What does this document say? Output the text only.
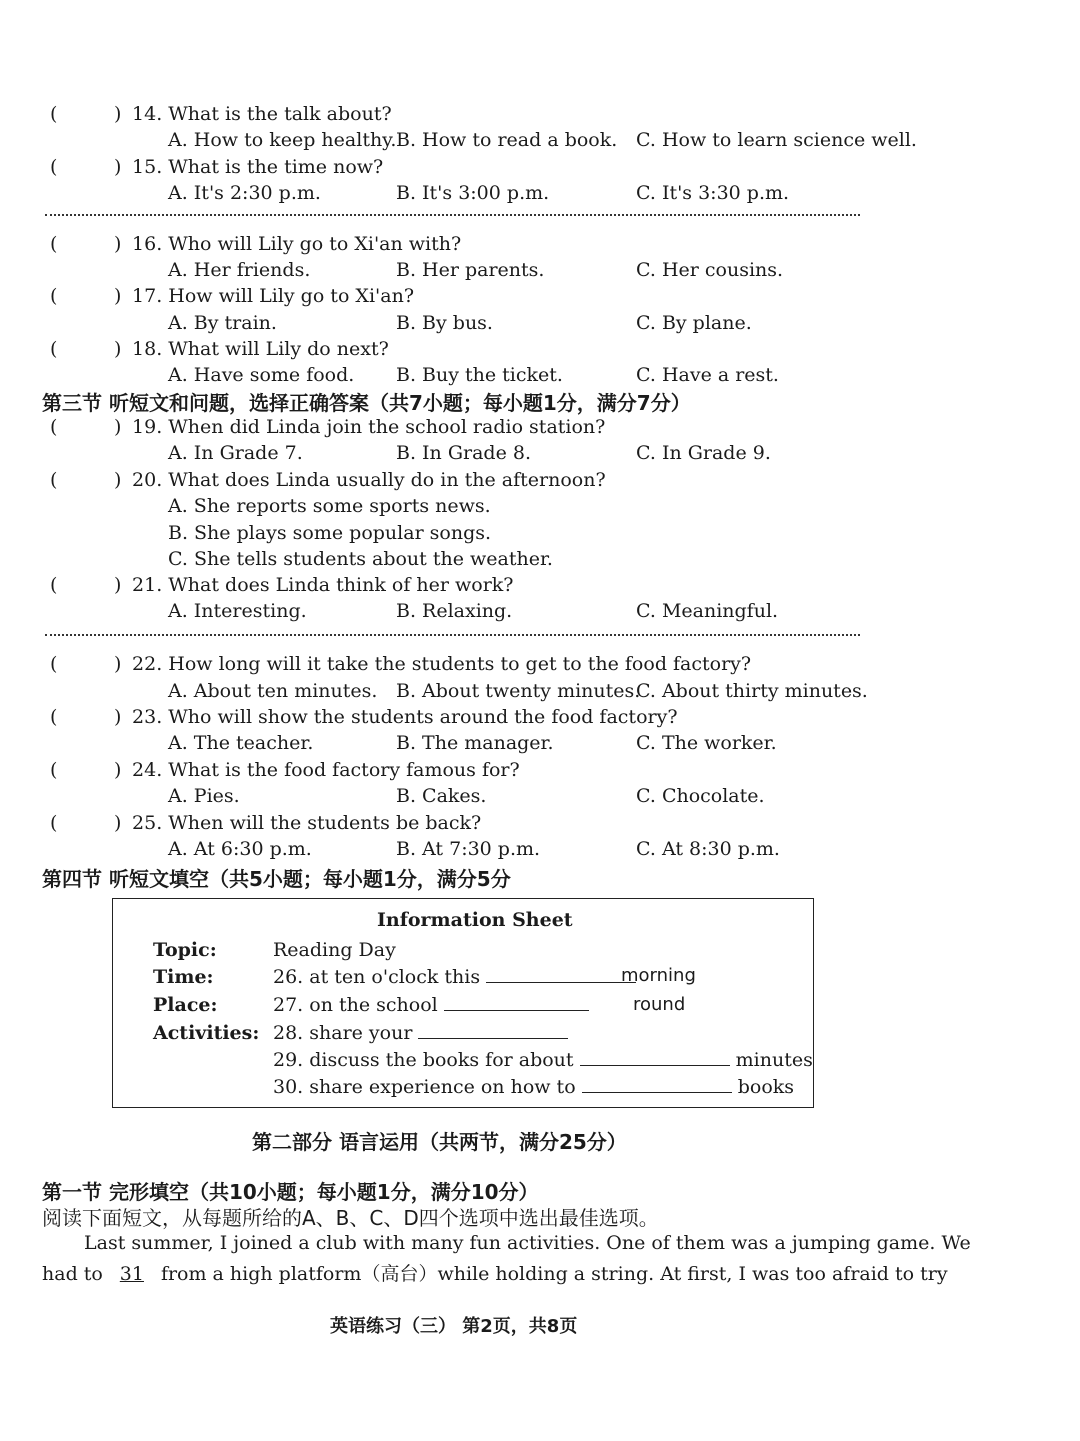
(	) 14. What is the talk about?
A. How to keep healthy. B. How to read a book. C. How to learn science well.
(	) 15. What is the time now?
A. It's 2:30 p.m.	B. It's 3:00 p.m.	C. It's 3:30 p.m.
(	) 16. Who will Lily go to Xi'an with?
A. Her friends.	B. Her parents.	C. Her cousins.
(	) 17. How will Lily go to Xi'an?
A. By train.	B. By bus.	C. By plane.
(	) 18. What will Lily do next?
A. Have some food. B. Buy the ticket.	C. Have a rest.
第三节 听短文和问题，选择正确答案（共7小题；每小题1分，满分7分）
(	) 19. When did Linda join the school radio station?
A. In Grade 7.	B. In Grade 8.	C. In Grade 9.
(	) 20. What does Linda usually do in the afternoon?
A. She reports some sports news.
B. She plays some popular songs.
C. She tells students about the weather.
(	) 21. What does Linda think of her work?
A. Interesting.	B. Relaxing.	C. Meaningful.
(	) 22. How long will it take the students to get to the food factory?
A. About ten minutes. B. About twenty minutes.
C. About thirty minutes.
(	) 23. Who will show the students around the food factory?
A. The teacher.	B. The manager.	C. The worker.
(	) 24. What is the food factory famous for?
A. Pies.	B. Cakes.	C. Chocolate.
(	) 25. When will the students be back?
A. At 6:30 p.m.	B. At 7:30 p.m.	C. At 8:30 p.m.
第四节 听短文填空（共5小题；每小题1分，满分5分
Information Sheet
Topic:	Reading Day
Time:	26. at ten o'clock this	morning
Place:	27. on the school	round
Activities: 28. share your
29. discuss the books for about	minutes
30. share experience on how to	books
第二部分 语言运用（共两节，满分25分）
第一节 完形填空（共10小题；每小题1分，满分10分）
阅读下面短文，从每题所给的A、B、C、D四个选项中选出最佳选项。
Last summer, I joined a club with many fun activities. One of them was a jumping game. We
had to 31 from a high platform（高台）while holding a string. At first, I was too afraid to try
英语练习（三） 第2页，共8页
